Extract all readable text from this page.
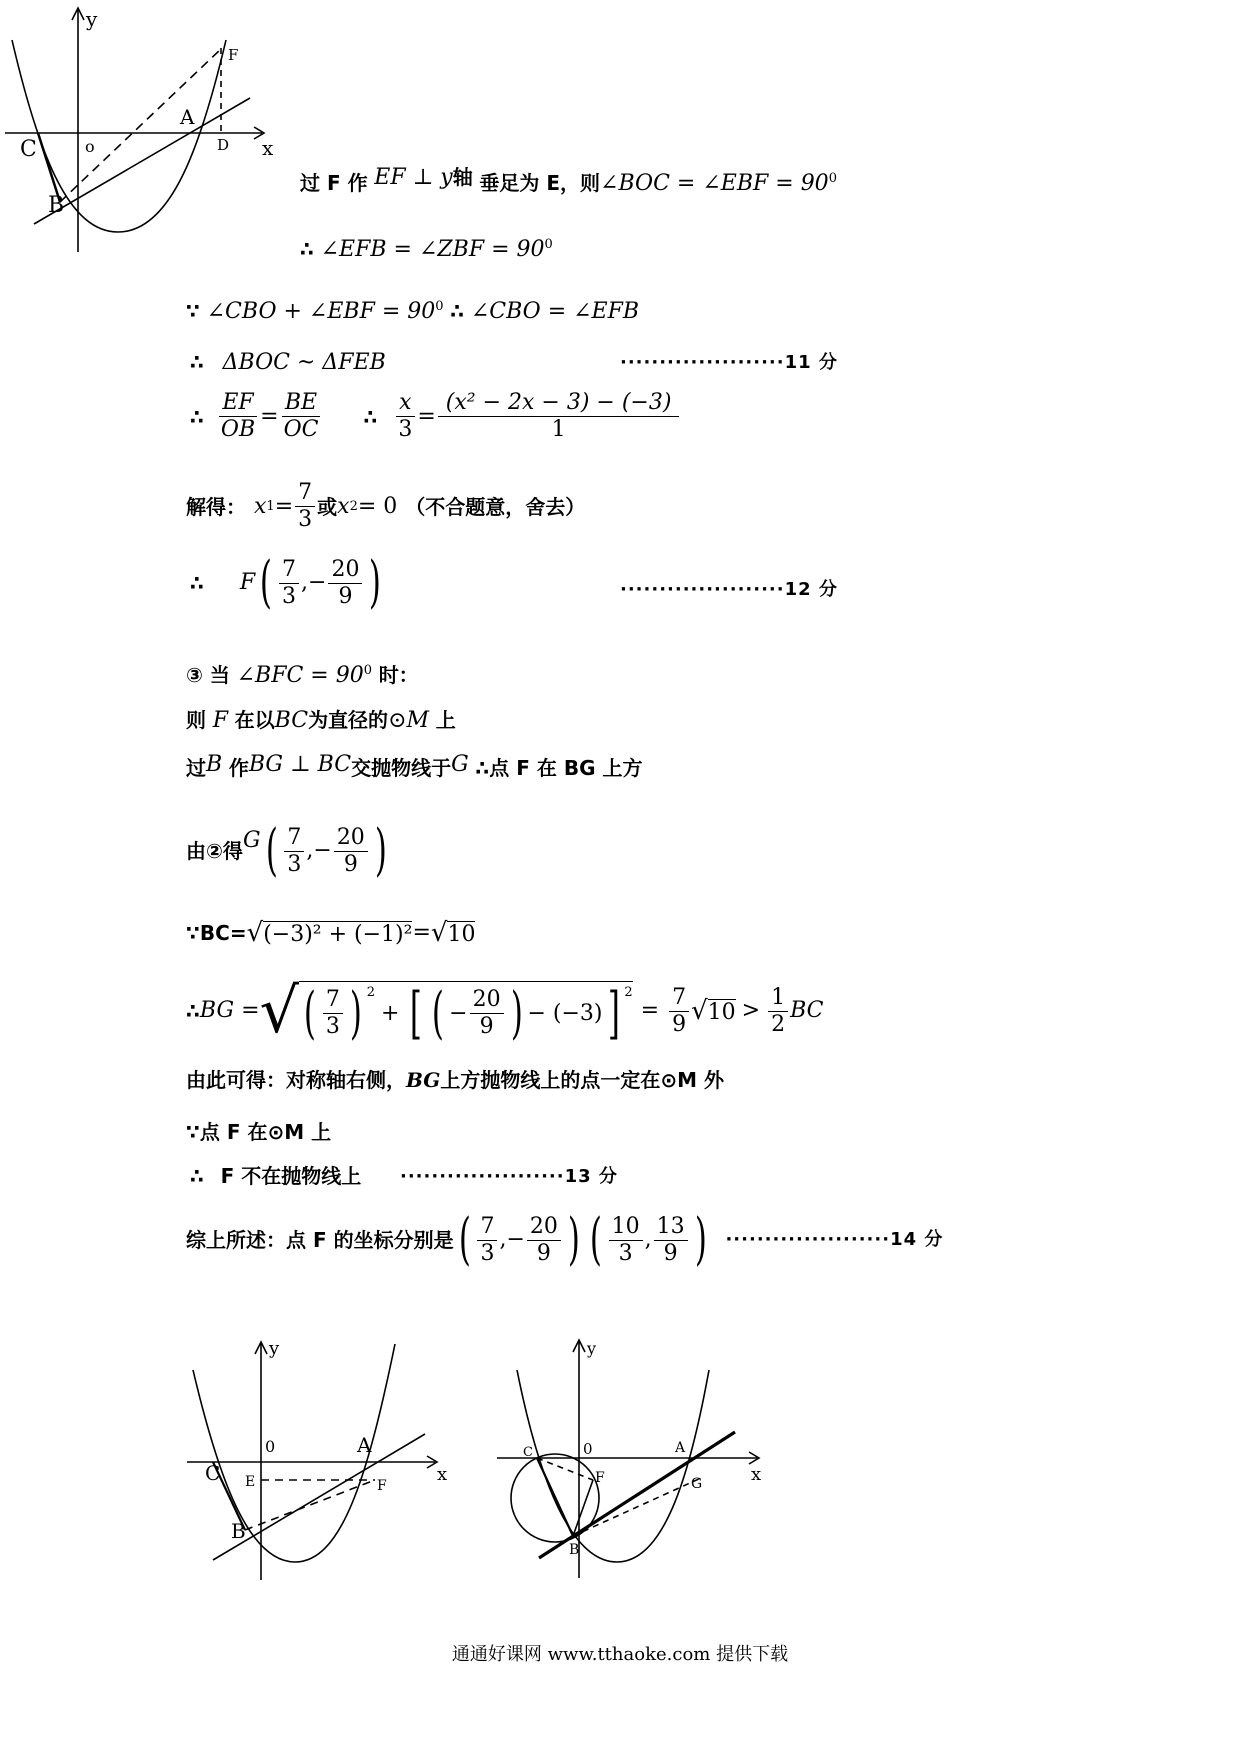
y
x
o
C
A
B
D
F
过 F 作 EF ⊥ y轴 垂足为 E，则∠BOC = ∠EBF = $90^0$
∴ ∠EFB = ∠ZBF = $90^0$
∵ ∠CBO + ∠EBF = $90^0$ ∴ ∠CBO = ∠EFB
∴ ΔBOC ~ ΔFEB	·····················11 分
∴ $\frac{EF}{OB} = \frac{BE}{OC}$ ∴ $\frac{x}{3} = \frac{\text{(x² − 2x − 3) − (−3)}}{1}$
解得： x $1 = \frac{7}{3}$ 或 x 2 = 0 （不合题意，舍去）
∴ F ( 7
3
,− $\frac{20}{9}$ )	·····················12 分
③ 当 ∠BFC = $90^0$ 时：
则 F 在以BC为直径的⊙M 上
过B 作BG ⊥ BC交抛物线于G ∴点 F 在 BG 上方
由②得 G ( 7
3
,− $\frac{20}{9}$ )
∵BC= √ (−3)² + (−1)² = √ 10
∴ BG = √ ( 7
3 ) 2
+ [ ( − $\frac{20}{9}$ ) − (−3) ] 2
= $\frac{7}{9}$ √ 10 >
1
2
BC
由此可得：对称轴右侧，BG上方抛物线上的点一定在⊙M 外
∵点 F 在⊙M 上
∴ F 不在抛物线上 ·····················13 分
综上所述：点 F 的坐标分别是 ( 7
3
,− $\frac{20}{9}$ ) ( 10
3
,
13
9 ) ·····················14 分
y
x
0
C
A
B
E	F
y
x
0
C	A
B
F	G
通通好课网 www.tthaoke.com 提供下载
